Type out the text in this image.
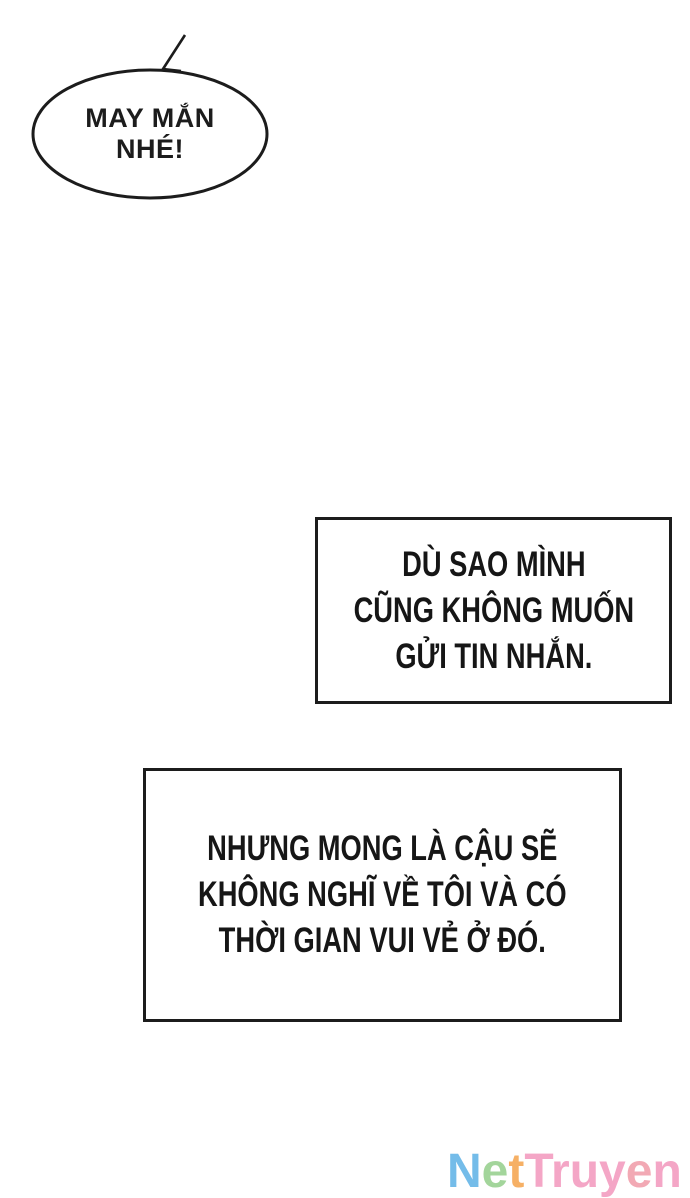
MAY MẮN
NHÉ!
DÙ SAO MÌNH
CŨNG KHÔNG MUỐN
GỬI TIN NHẮN.
NHƯNG MONG LÀ CẬU SẼ
KHÔNG NGHĨ VỀ TÔI VÀ CÓ
THỜI GIAN VUI VẺ Ở ĐÓ.
NetTruyen
